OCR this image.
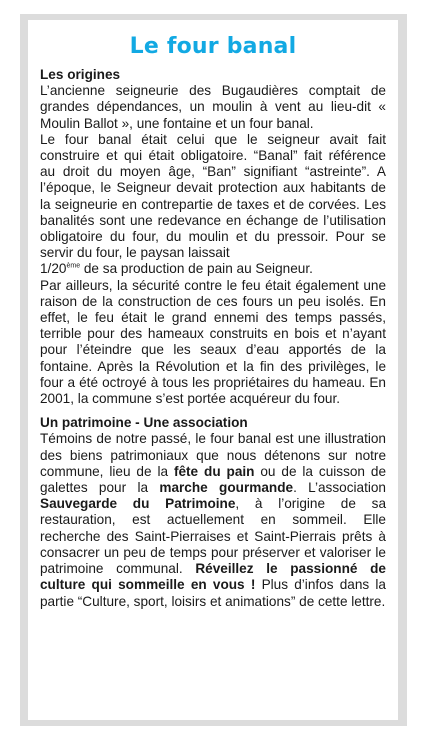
Le four banal
Les origines

L’ancienne seigneurie des Bugaudières comptait de grandes dépendances, un moulin à vent au lieu-dit « Moulin Ballot », une fontaine et un four banal.

Le four banal était celui que le seigneur avait fait construire et qui était obligatoire. “Banal” fait référence au droit du moyen âge, “Ban” signifiant “astreinte”. A l’époque, le Seigneur devait protection aux habitants de la seigneurie en contrepartie de taxes et de corvées. Les banalités sont une redevance en échange de l’utilisation obligatoire du four, du moulin et du pressoir. Pour se servir du four, le paysan laissait
1/20ème de sa production de pain au Seigneur.

Par ailleurs, la sécurité contre le feu était également une raison de la construction de ces fours un peu isolés. En effet, le feu était le grand ennemi des temps passés, terrible pour des hameaux construits en bois et n’ayant pour l’éteindre que les seaux d’eau apportés de la fontaine. Après la Révolution et la fin des privilèges, le four a été octroyé à tous les propriétaires du hameau. En 2001, la commune s’est portée acquéreur du four.

Un patrimoine - Une association

Témoins de notre passé, le four banal est une illustration des biens patrimoniaux que nous détenons sur notre commune, lieu de la fête du pain ou de la cuisson de galettes pour la marche gourmande. L’association Sauvegarde du Patrimoine, à l’origine de sa restauration, est actuellement en sommeil. Elle recherche des Saint-Pierraises et Saint-Pierrais prêts à consacrer un peu de temps pour préserver et valoriser le patrimoine communal. Réveillez le passionné de culture qui sommeille en vous ! Plus d’infos dans la partie “Culture, sport, loisirs et animations” de cette lettre.
